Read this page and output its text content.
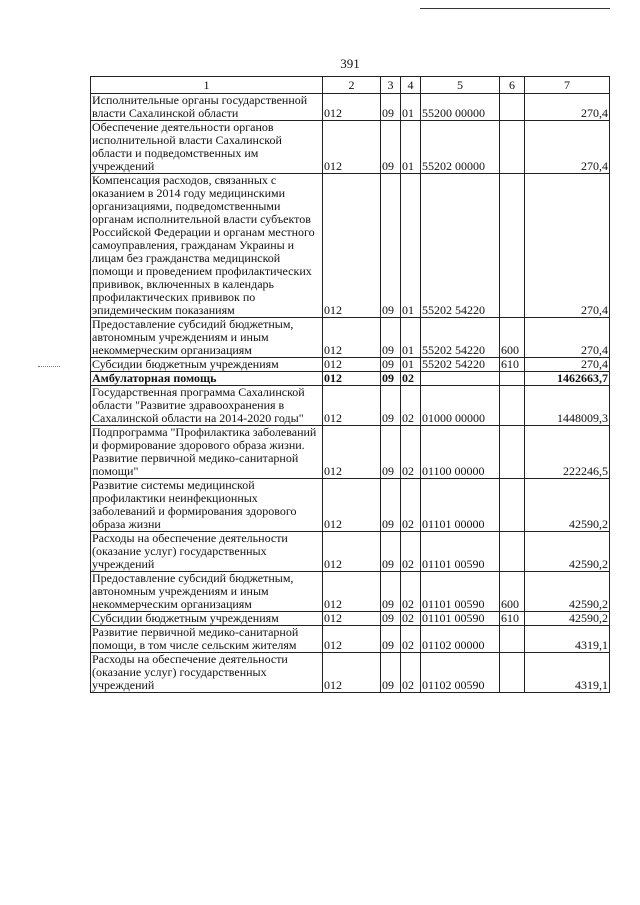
391
1	2	3	4	5	6	7
Исполнительные органы государственной власти Сахалинской области	012	09	01	55200 00000		270,4
Обеспечение деятельности органов исполнительной власти Сахалинской области и подведомственных им учреждений	012	09	01	55202 00000		270,4
Компенсация расходов, связанных с оказанием в 2014 году медицинскими организациями, подведомственными органам исполнительной власти субъектов Российской Федерации и органам местного самоуправления, гражданам Украины и лицам без гражданства медицинской помощи и проведением профилактических прививок, включенных в календарь профилактических прививок по эпидемическим показаниям	012	09	01	55202 54220		270,4
Предоставление субсидий бюджетным, автономным учреждениям и иным некоммерческим организациям	012	09	01	55202 54220	600	270,4
Субсидии бюджетным учреждениям	012	09	01	55202 54220	610	270,4
Амбулаторная помощь	012	09	02			1462663,7
Государственная программа Сахалинской области "Развитие здравоохранения в Сахалинской области на 2014-2020 годы"	012	09	02	01000 00000		1448009,3
Подпрограмма "Профилактика заболеваний и формирование здорового образа жизни. Развитие первичной медико-санитарной помощи"	012	09	02	01100 00000		222246,5
Развитие системы медицинской профилактики неинфекционных заболеваний и формирования здорового образа жизни	012	09	02	01101 00000		42590,2
Расходы на обеспечение деятельности (оказание услуг) государственных учреждений	012	09	02	01101 00590		42590,2
Предоставление субсидий бюджетным, автономным учреждениям и иным некоммерческим организациям	012	09	02	01101 00590	600	42590,2
Субсидии бюджетным учреждениям	012	09	02	01101 00590	610	42590,2
Развитие первичной медико-санитарной помощи, в том числе сельским жителям	012	09	02	01102 00000		4319,1
Расходы на обеспечение деятельности (оказание услуг) государственных учреждений	012	09	02	01102 00590		4319,1
